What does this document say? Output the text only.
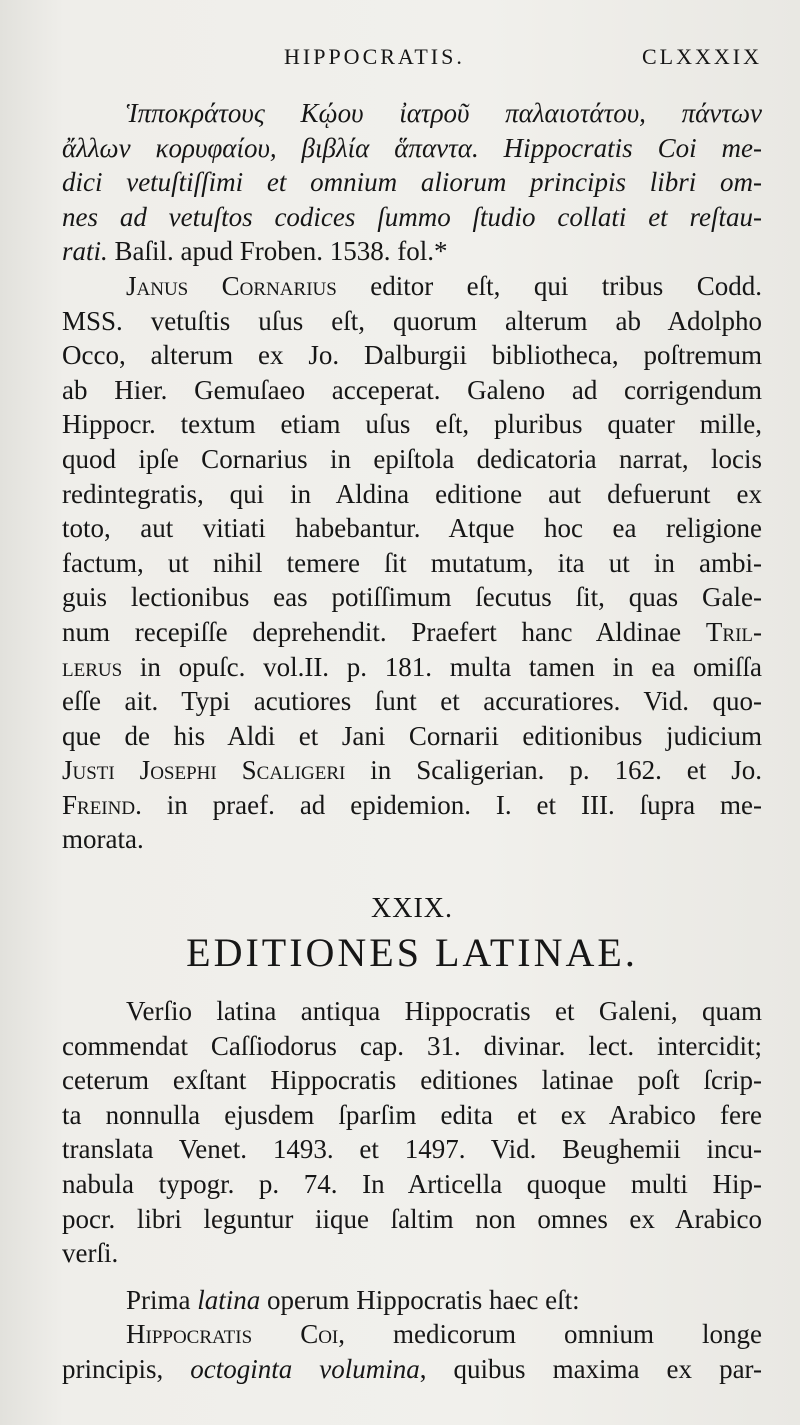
HIPPOCRATIS.	CLXXXIX
Ἱπποκράτους Κῴου ἰατροῦ παλαιοτάτου, πάντων
ἄλλων κορυφαίου, βιβλία ἅπαντα. Hippocratis Coi me-
dici vetuſtiſſimi et omnium aliorum principis libri om-
nes ad vetuſtos codices ſummo ſtudio collati et reſtau-
rati. Baſil. apud Froben. 1538. fol.*
Janus Cornarius editor eſt, qui tribus Codd.
MSS. vetuſtis uſus eſt, quorum alterum ab Adolpho
Occo, alterum ex Jo. Dalburgii bibliotheca, poſtremum
ab Hier. Gemuſaeo acceperat. Galeno ad corrigendum
Hippocr. textum etiam uſus eſt, pluribus quater mille,
quod ipſe Cornarius in epiſtola dedicatoria narrat, locis
redintegratis, qui in Aldina editione aut defuerunt ex
toto, aut vitiati habebantur. Atque hoc ea religione
factum, ut nihil temere ſit mutatum, ita ut in ambi-
guis lectionibus eas potiſſimum ſecutus ſit, quas Gale-
num recepiſſe deprehendit. Praefert hanc Aldinae Tril-
lerus in opuſc. vol.II. p. 181. multa tamen in ea omiſſa
eſſe ait. Typi acutiores ſunt et accuratiores. Vid. quo-
que de his Aldi et Jani Cornarii editionibus judicium
Justi Josephi Scaligeri in Scaligerian. p. 162. et Jo.
Freind. in praef. ad epidemion. I. et III. ſupra me-
morata.
XXIX.
EDITIONES LATINAE.
Verſio latina antiqua Hippocratis et Galeni, quam
commendat Caſſiodorus cap. 31. divinar. lect. intercidit;
ceterum exſtant Hippocratis editiones latinae poſt ſcrip-
ta nonnulla ejusdem ſparſim edita et ex Arabico fere
translata Venet. 1493. et 1497. Vid. Beughemii incu-
nabula typogr. p. 74. In Articella quoque multi Hip-
pocr. libri leguntur iique ſaltim non omnes ex Arabico
verſi.
Prima latina operum Hippocratis haec eſt:
Hippocratis Coi, medicorum omnium longe
principis, octoginta volumina, quibus maxima ex par-
